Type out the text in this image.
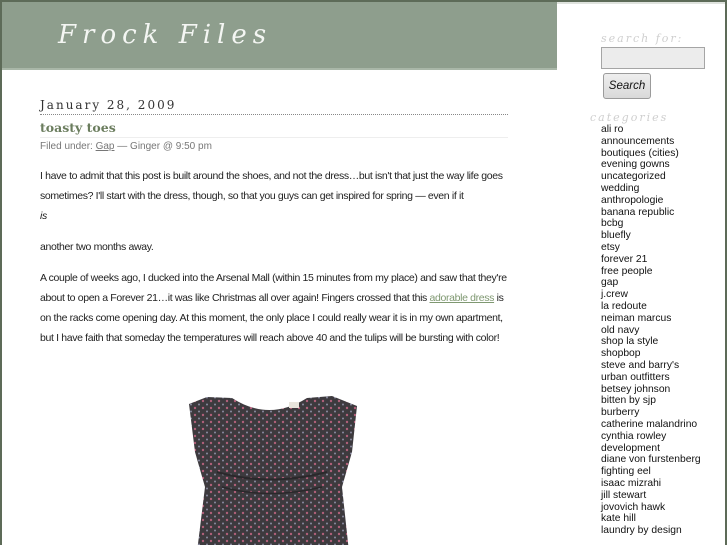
Frock Files
January 28, 2009
toasty toes
Filed under: Gap — Ginger @ 9:50 pm

I have to admit that this post is built around the shoes, and not the dress…but isn't that just the way life goes sometimes? I'll start with the dress, though, so that you guys can get inspired for spring — even if it
is

another two months away.

A couple of weeks ago, I ducked into the Arsenal Mall (within 15 minutes from my place) and saw that they're about to open a Forever 21…it was like Christmas all over again! Fingers crossed that this adorable dress is on the racks come opening day. At this moment, the only place I could really wear it is in my own apartment, but I have faith that someday the temperatures will reach above 40 and the tulips will be bursting with color!

search for:
Search
categories
ali ro
announcements
boutiques (cities)
evening gowns
uncategorized
wedding
anthropologie
banana republic
bcbg
bluefly
etsy
forever 21
free people
gap
j.crew
la redoute
neiman marcus
old navy
shop la style
shopbop
steve and barry's
urban outfitters
betsey johnson
bitten by sjp
burberry
catherine malandrino
cynthia rowley
development
diane von furstenberg
fighting eel
isaac mizrahi
jill stewart
jovovich hawk
kate hill
laundry by design
